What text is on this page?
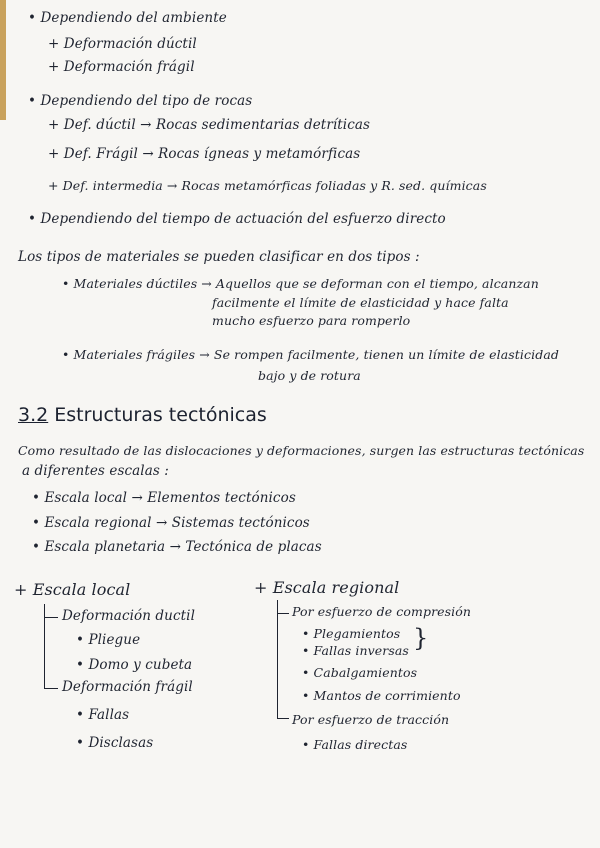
• Dependiendo del ambiente
+ Deformación dúctil
+ Deformación frágil
• Dependiendo del tipo de rocas
+ Def. dúctil → Rocas sedimentarias detríticas
+ Def. Frágil → Rocas ígneas y metamórficas
+ Def. intermedia → Rocas metamórficas foliadas y R. sed. químicas
• Dependiendo del tiempo de actuación del esfuerzo directo
Los tipos de materiales se pueden clasificar en dos tipos :
• Materiales dúctiles → Aquellos que se deforman con el tiempo, alcanzan
facilmente el límite de elasticidad y hace falta
mucho esfuerzo para romperlo
• Materiales frágiles → Se rompen facilmente, tienen un límite de elasticidad
bajo y de rotura
3.2 Estructuras tectónicas
Como resultado de las dislocaciones y deformaciones, surgen las estructuras tectónicas
a diferentes escalas :
• Escala local → Elementos tectónicos
• Escala regional → Sistemas tectónicos
• Escala planetaria → Tectónica de placas
+ Escala local
Deformación ductil
• Pliegue
• Domo y cubeta
Deformación frágil
• Fallas
• Disclasas
+ Escala regional
Por esfuerzo de compresión
• Plegamientos
• Fallas inversas }
• Cabalgamientos
• Mantos de corrimiento
Por esfuerzo de tracción
• Fallas directas
